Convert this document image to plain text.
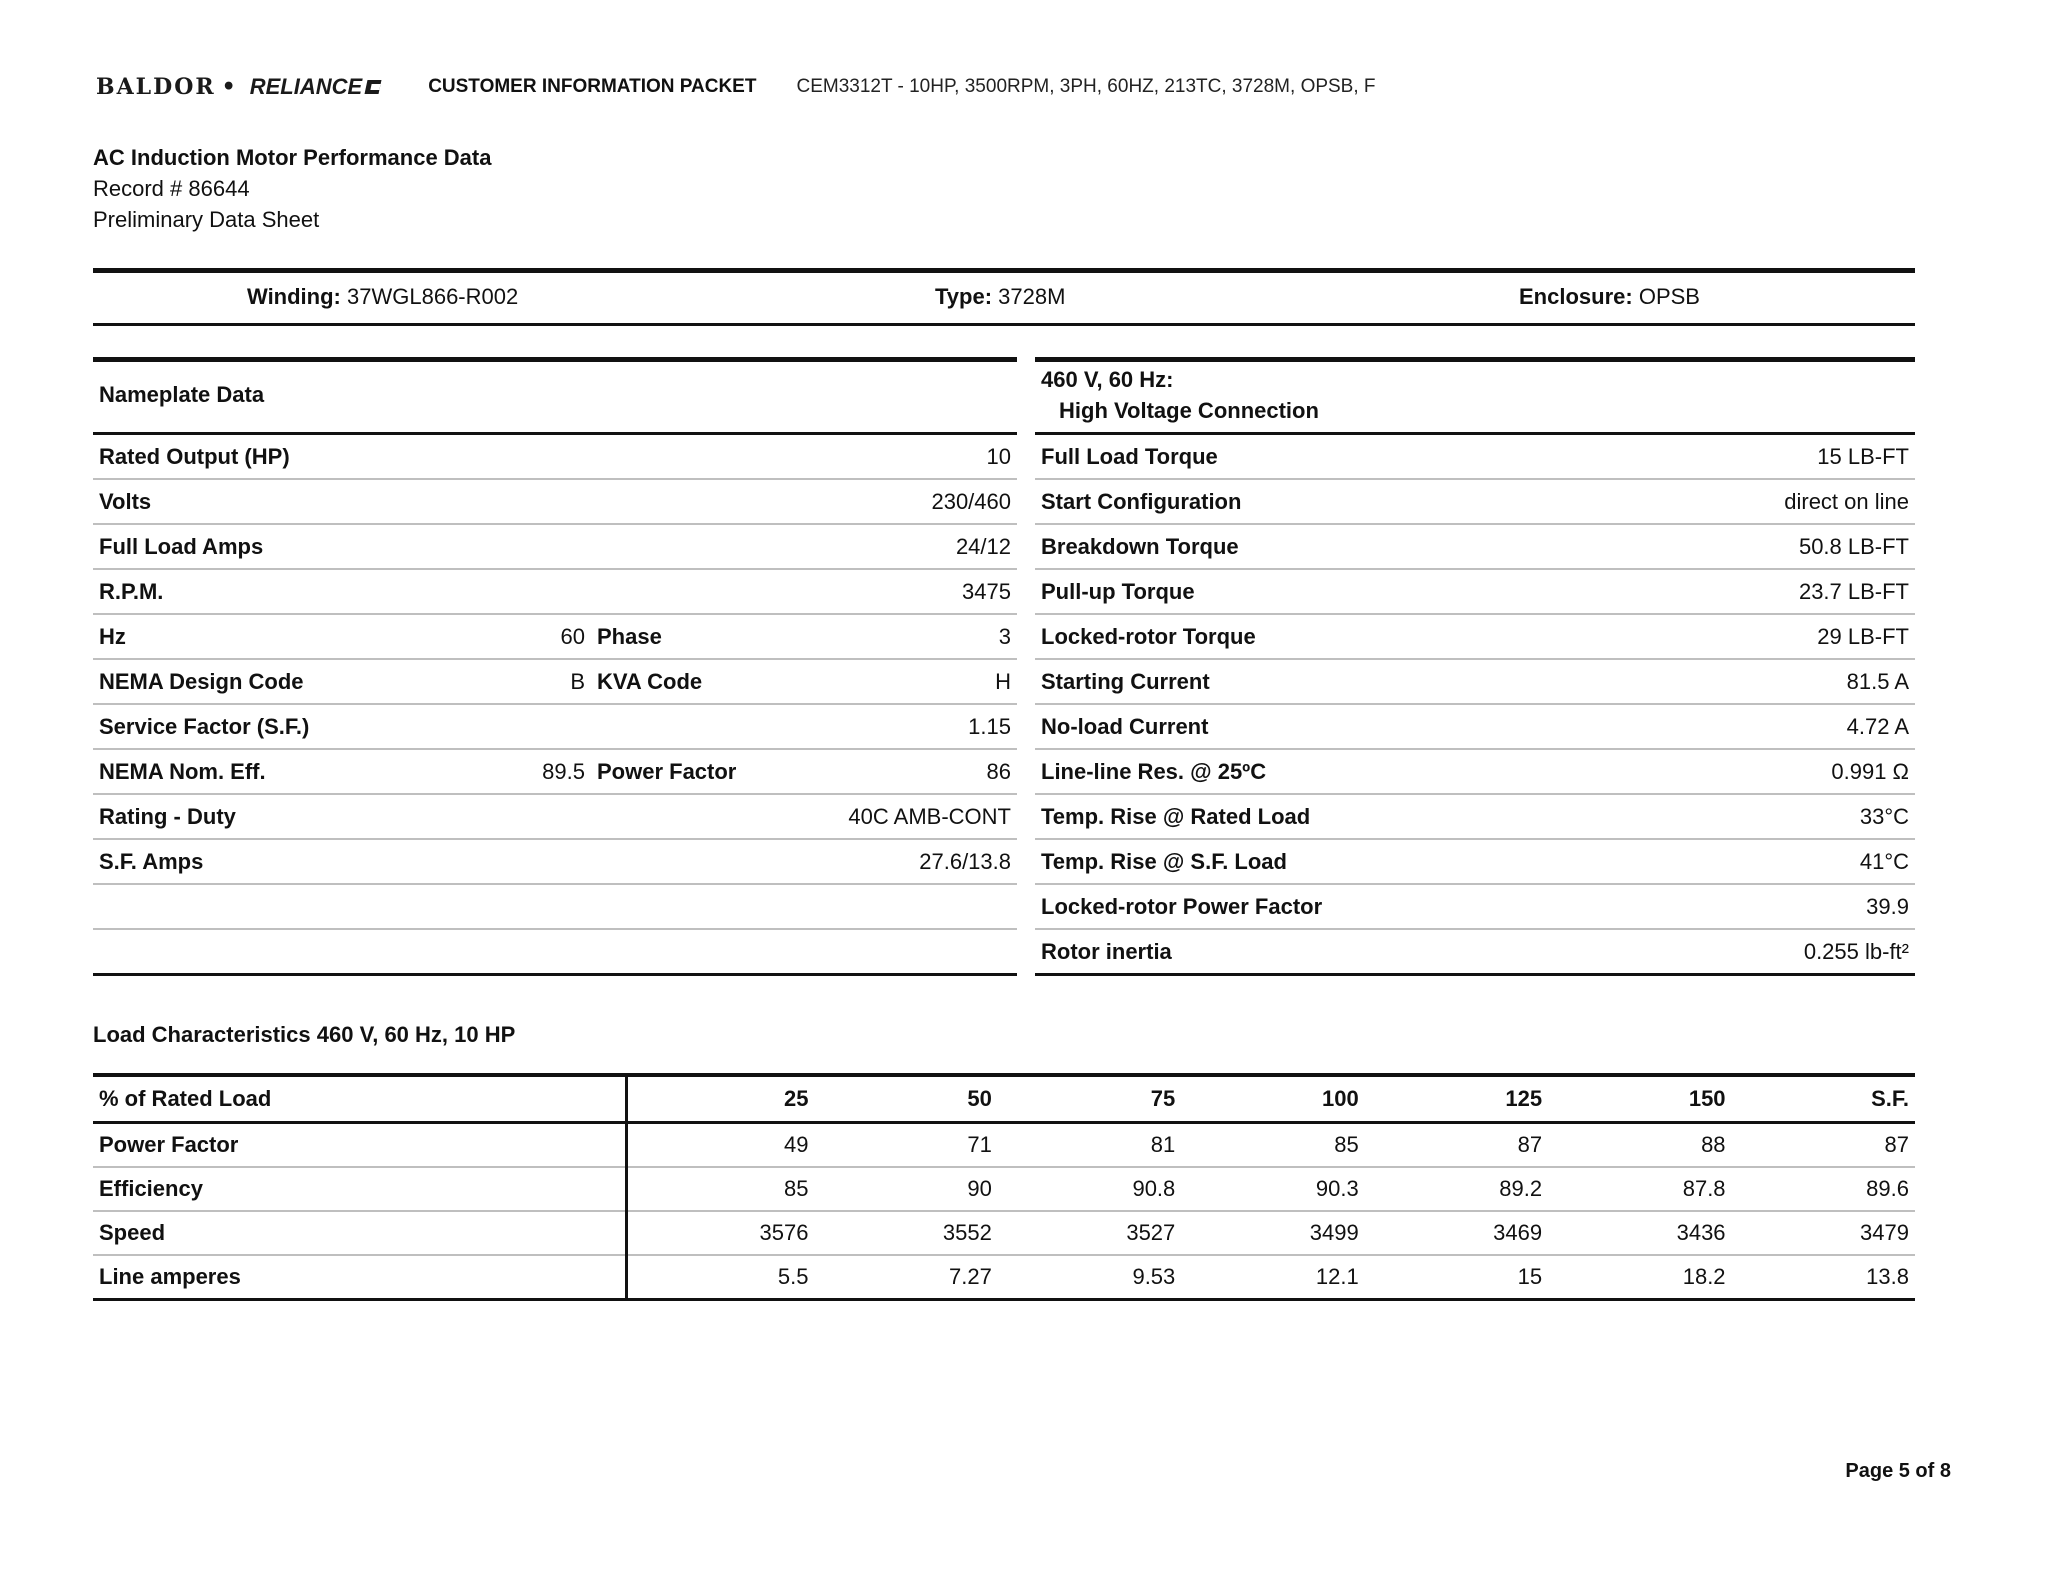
BALDOR • RELIANCE	CUSTOMER INFORMATION PACKET CEM3312T - 10HP, 3500RPM, 3PH, 60HZ, 213TC, 3728M, OPSB, F
AC Induction Motor Performance Data
Record # 86644
Preliminary Data Sheet
Winding: 37WGL866-R002	Type: 3728M	Enclosure: OPSB
Nameplate Data			
Rated Output (HP)		10	
Volts		230/460	
Full Load Amps		24/12	
R.P.M.		3475	
Hz	60	Phase	3
NEMA Design Code	B	KVA Code	H
Service Factor (S.F.)		1.15	
NEMA Nom. Eff.	89.5	Power Factor	86
Rating - Duty		40C AMB-CONT	
S.F. Amps		27.6/13.8	

460 V, 60 Hz:
High Voltage Connection	

Full Load Torque	15 LB-FT
Start Configuration	direct on line
Breakdown Torque	50.8 LB-FT
Pull-up Torque	23.7 LB-FT
Locked-rotor Torque	29 LB-FT
Starting Current	81.5 A
No-load Current	4.72 A
Line-line Res. @ 25ºC	0.991 Ω
Temp. Rise @ Rated Load	33°C
Temp. Rise @ S.F. Load	41°C
Locked-rotor Power Factor	39.9
Rotor inertia	0.255 lb-ft²
Load Characteristics 460 V, 60 Hz, 10 HP
% of Rated Load	25	50	75	100	125	150	S.F.
Power Factor	49	71	81	85	87	88	87
Efficiency	85	90	90.8	90.3	89.2	87.8	89.6
Speed	3576	3552	3527	3499	3469	3436	3479
Line amperes	5.5	7.27	9.53	12.1	15	18.2	13.8
Page 5 of 8
